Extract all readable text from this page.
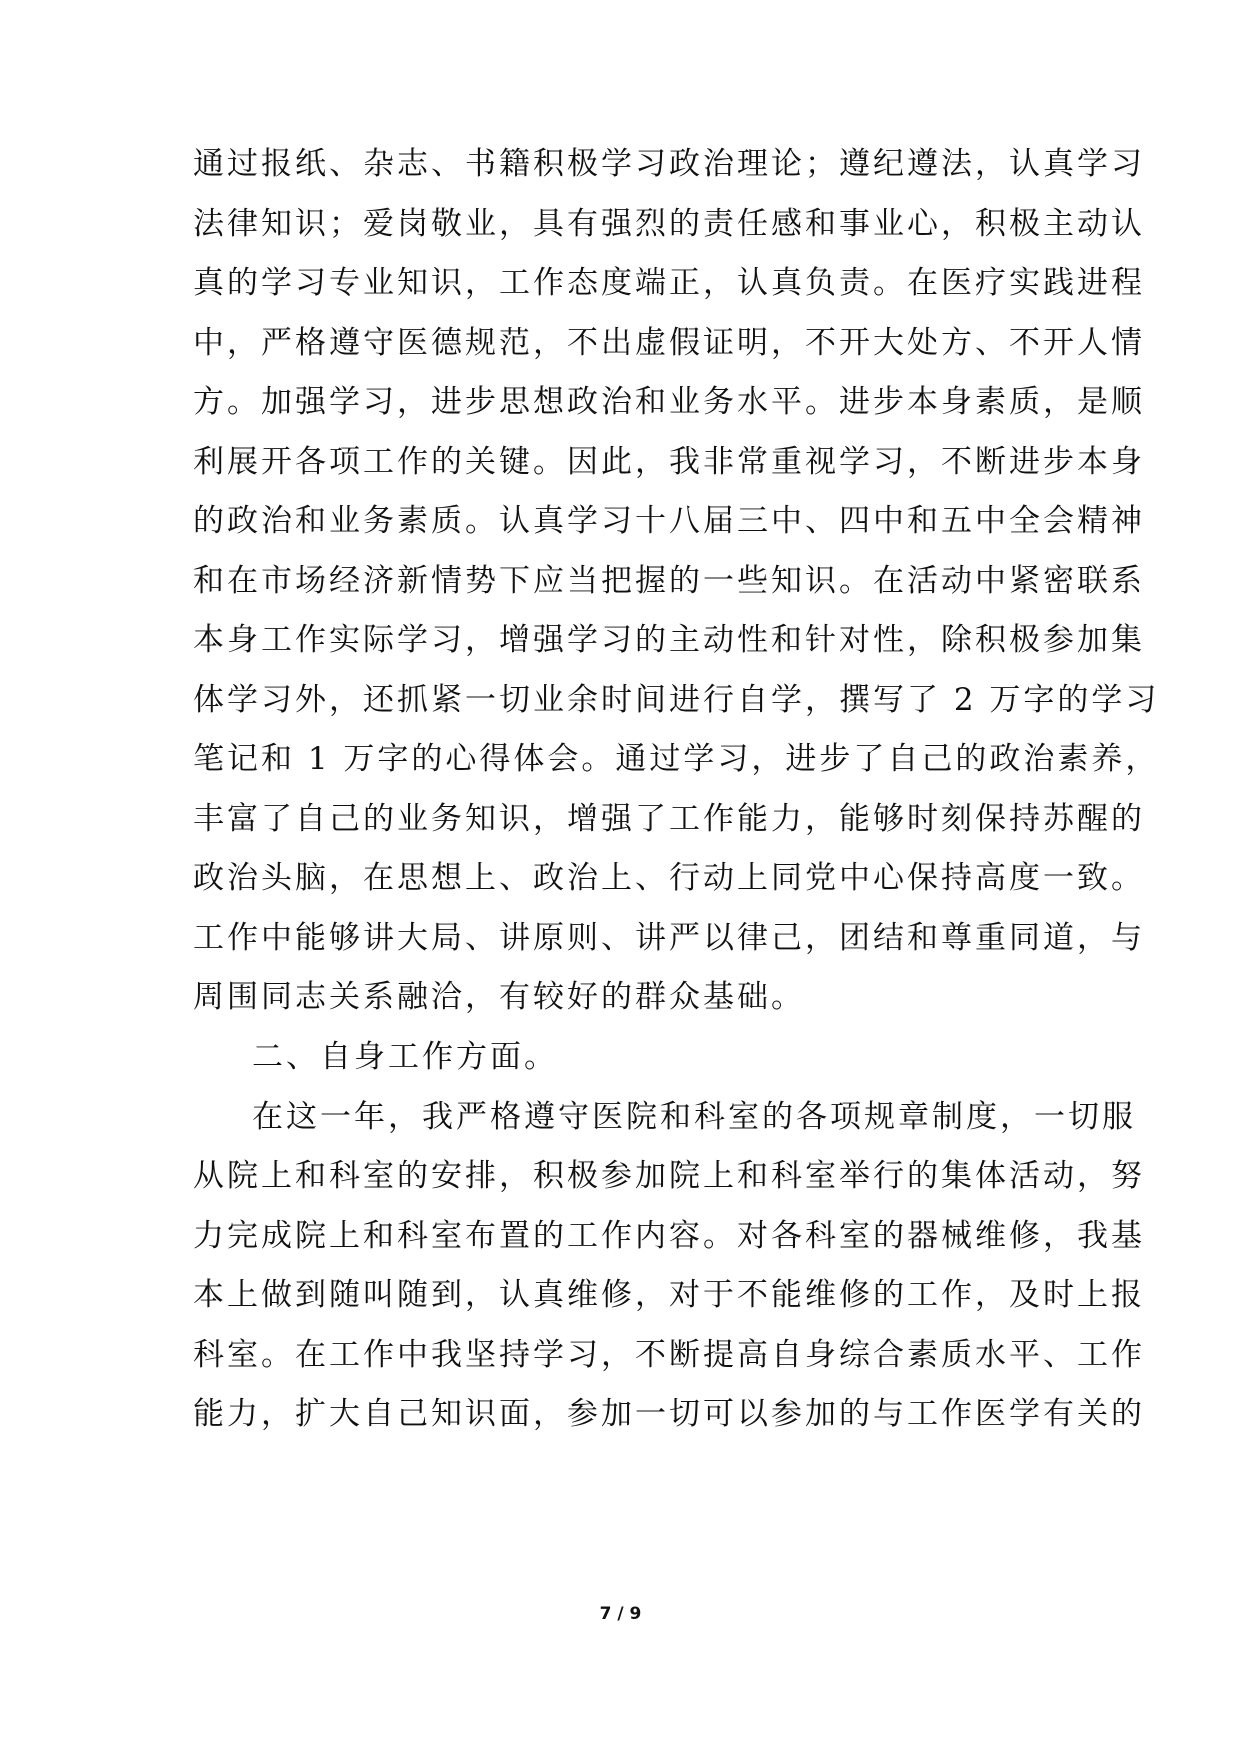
通过报纸、杂志、书籍积极学习政治理论；遵纪遵法，认真学习
法律知识；爱岗敬业，具有强烈的责任感和事业心，积极主动认
真的学习专业知识，工作态度端正，认真负责。在医疗实践进程
中，严格遵守医德规范，不出虚假证明，不开大处方、不开人情
方。加强学习，进步思想政治和业务水平。进步本身素质，是顺
利展开各项工作的关键。因此，我非常重视学习，不断进步本身
的政治和业务素质。认真学习十八届三中、四中和五中全会精神
和在市场经济新情势下应当把握的一些知识。在活动中紧密联系
本身工作实际学习，增强学习的主动性和针对性，除积极参加集
体学习外，还抓紧一切业余时间进行自学，撰写了 2 万字的学习
笔记和 1 万字的心得体会。通过学习，进步了自己的政治素养，
丰富了自己的业务知识，增强了工作能力，能够时刻保持苏醒的
政治头脑，在思想上、政治上、行动上同党中心保持高度一致。
工作中能够讲大局、讲原则、讲严以律己，团结和尊重同道，与
周围同志关系融洽，有较好的群众基础。
二、自身工作方面。
在这一年，我严格遵守医院和科室的各项规章制度，一切服
从院上和科室的安排，积极参加院上和科室举行的集体活动，努
力完成院上和科室布置的工作内容。对各科室的器械维修，我基
本上做到随叫随到，认真维修，对于不能维修的工作，及时上报
科室。在工作中我坚持学习，不断提高自身综合素质水平、工作
能力，扩大自己知识面，参加一切可以参加的与工作医学有关的
7 / 9
